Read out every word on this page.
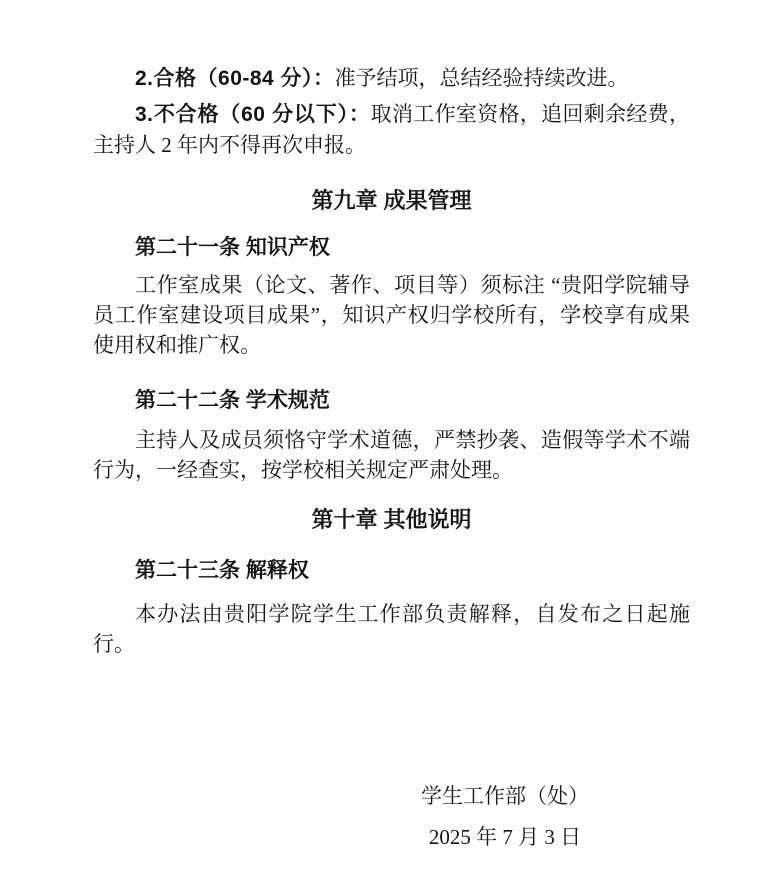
2.合格（60-84 分）：准予结项，总结经验持续改进。

3.不合格（60 分以下）：取消工作室资格，追回剩余经费，主持人 2 年内不得再次申报。

第九章 成果管理
第二十一条 知识产权

工作室成果（论文、著作、项目等）须标注 “贵阳学院辅导员工作室建设项目成果”，知识产权归学校所有，学校享有成果使用权和推广权。

第二十二条 学术规范

主持人及成员须恪守学术道德，严禁抄袭、造假等学术不端行为，一经查实，按学校相关规定严肃处理。

第十章 其他说明
第二十三条 解释权

本办法由贵阳学院学生工作部负责解释，自发布之日起施行。

学生工作部（处）

2025 年 7 月 3 日
